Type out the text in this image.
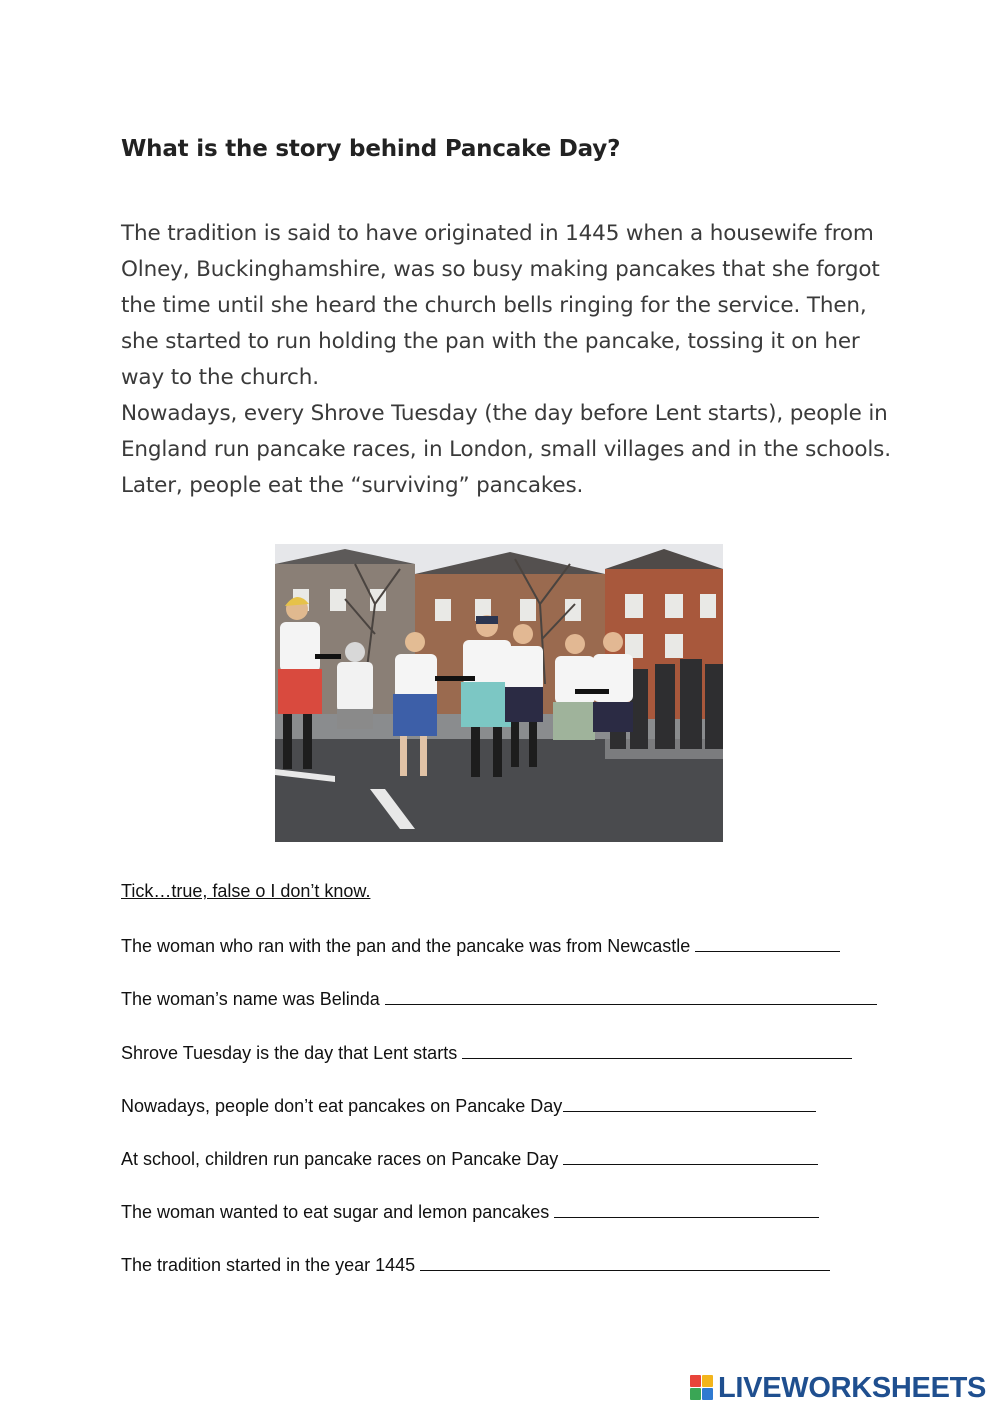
What is the story behind Pancake Day?

The tradition is said to have originated in 1445 when a housewife from Olney, Buckinghamshire, was so busy making pancakes that she forgot the time until she heard the church bells ringing for the service. Then, she started to run holding the pan with the pancake, tossing it on her way to the church.

Nowadays, every Shrove Tuesday (the day before Lent starts), people in England run pancake races, in London, small villages and in the schools. Later, people eat the “surviving” pancakes.

Tick…true, false o I don’t know.
The woman who ran with the pan and the pancake was from Newcastle
The woman’s name was Belinda
Shrove Tuesday is the day that Lent starts
Nowadays, people don’t eat pancakes on Pancake Day
At school, children run pancake races on Pancake Day
The woman wanted to eat sugar and lemon pancakes
The tradition started in the year 1445
LIVEWORKSHEETS
